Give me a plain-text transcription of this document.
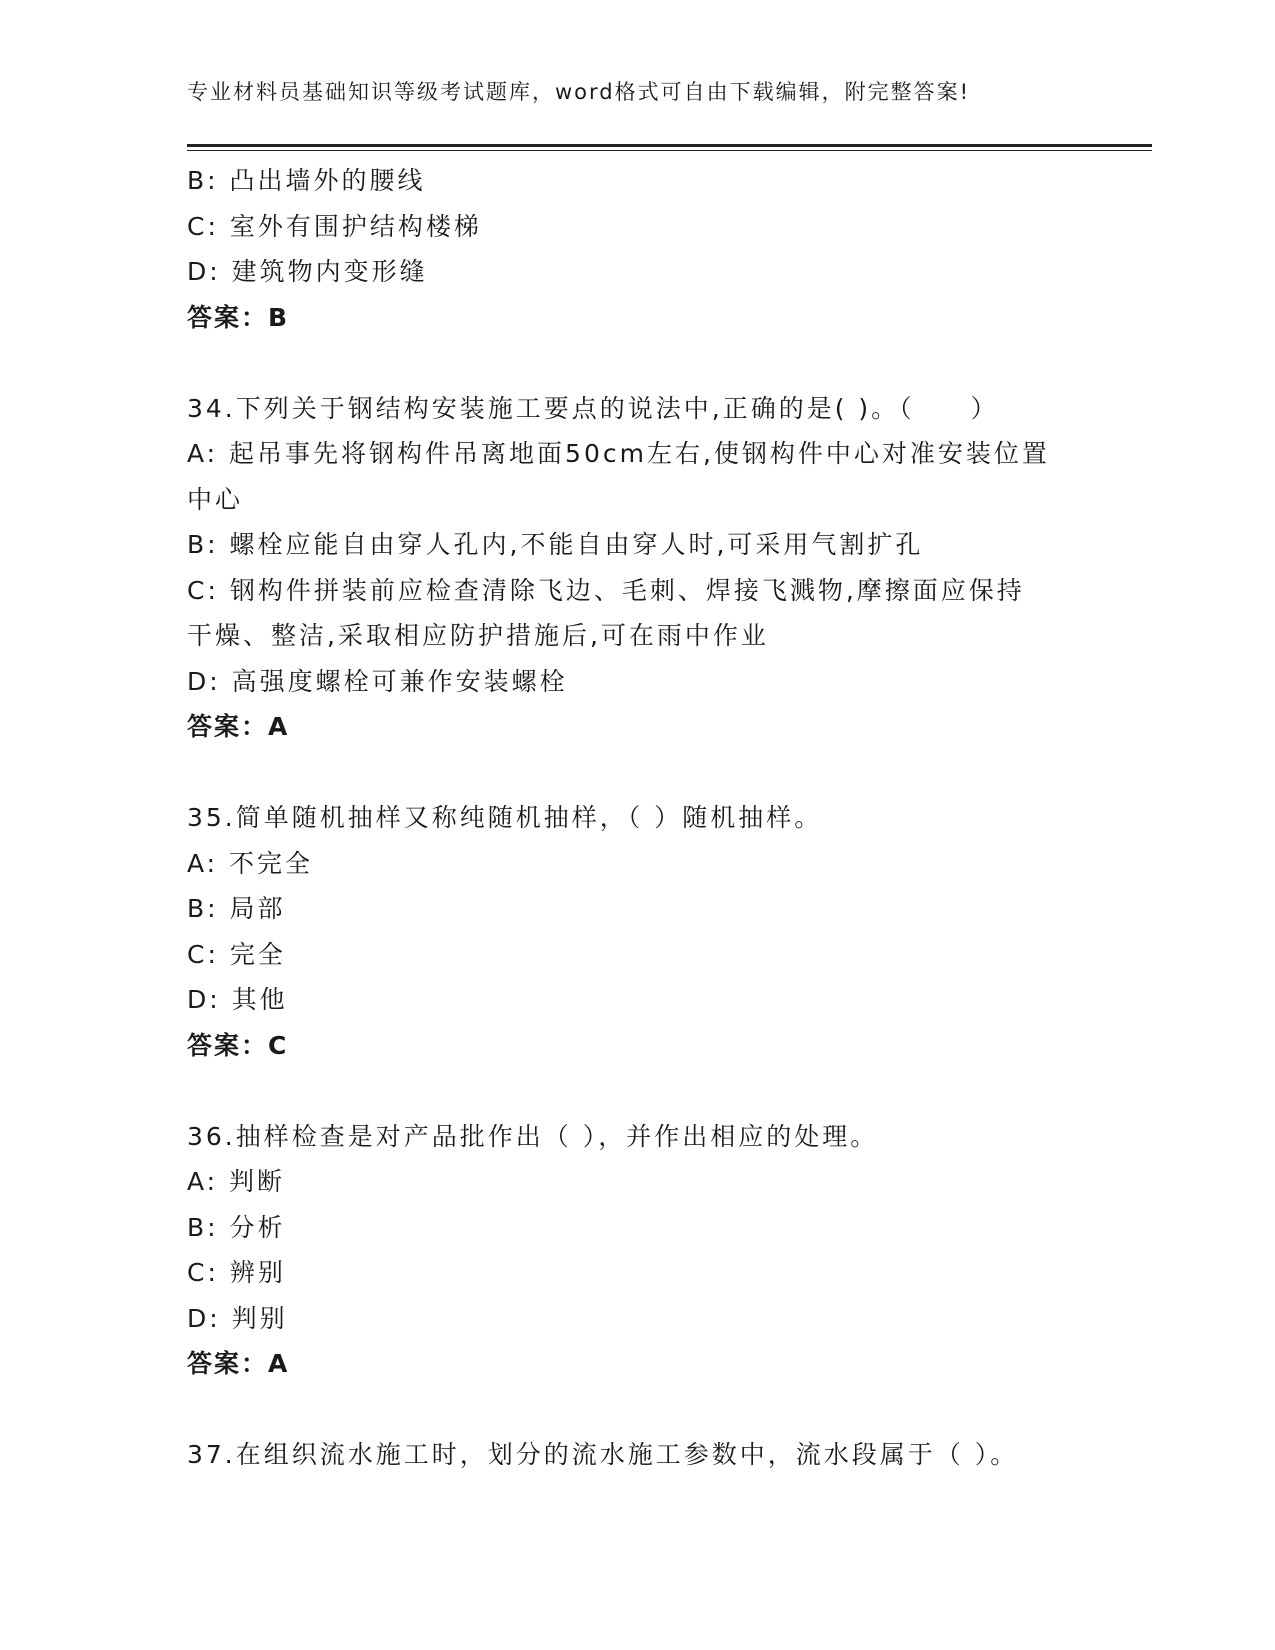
专业材料员基础知识等级考试题库，word格式可自由下载编辑，附完整答案!
B: 凸出墙外的腰线
C: 室外有围护结构楼梯
D: 建筑物内变形缝
答案：B
34.下列关于钢结构安装施工要点的说法中,正确的是( )。（　　）
A: 起吊事先将钢构件吊离地面50cm左右,使钢构件中心对准安装位置
中心
B: 螺栓应能自由穿人孔内,不能自由穿人时,可采用气割扩孔
C: 钢构件拼装前应检查清除飞边、毛刺、焊接飞溅物,摩擦面应保持
干燥、整洁,采取相应防护措施后,可在雨中作业
D: 高强度螺栓可兼作安装螺栓
答案：A
35.简单随机抽样又称纯随机抽样，（ ）随机抽样。
A: 不完全
B: 局部
C: 完全
D: 其他
答案：C
36.抽样检查是对产品批作出（ ），并作出相应的处理。
A: 判断
B: 分析
C: 辨别
D: 判别
答案：A
37.在组织流水施工时，划分的流水施工参数中，流水段属于（ ）。
